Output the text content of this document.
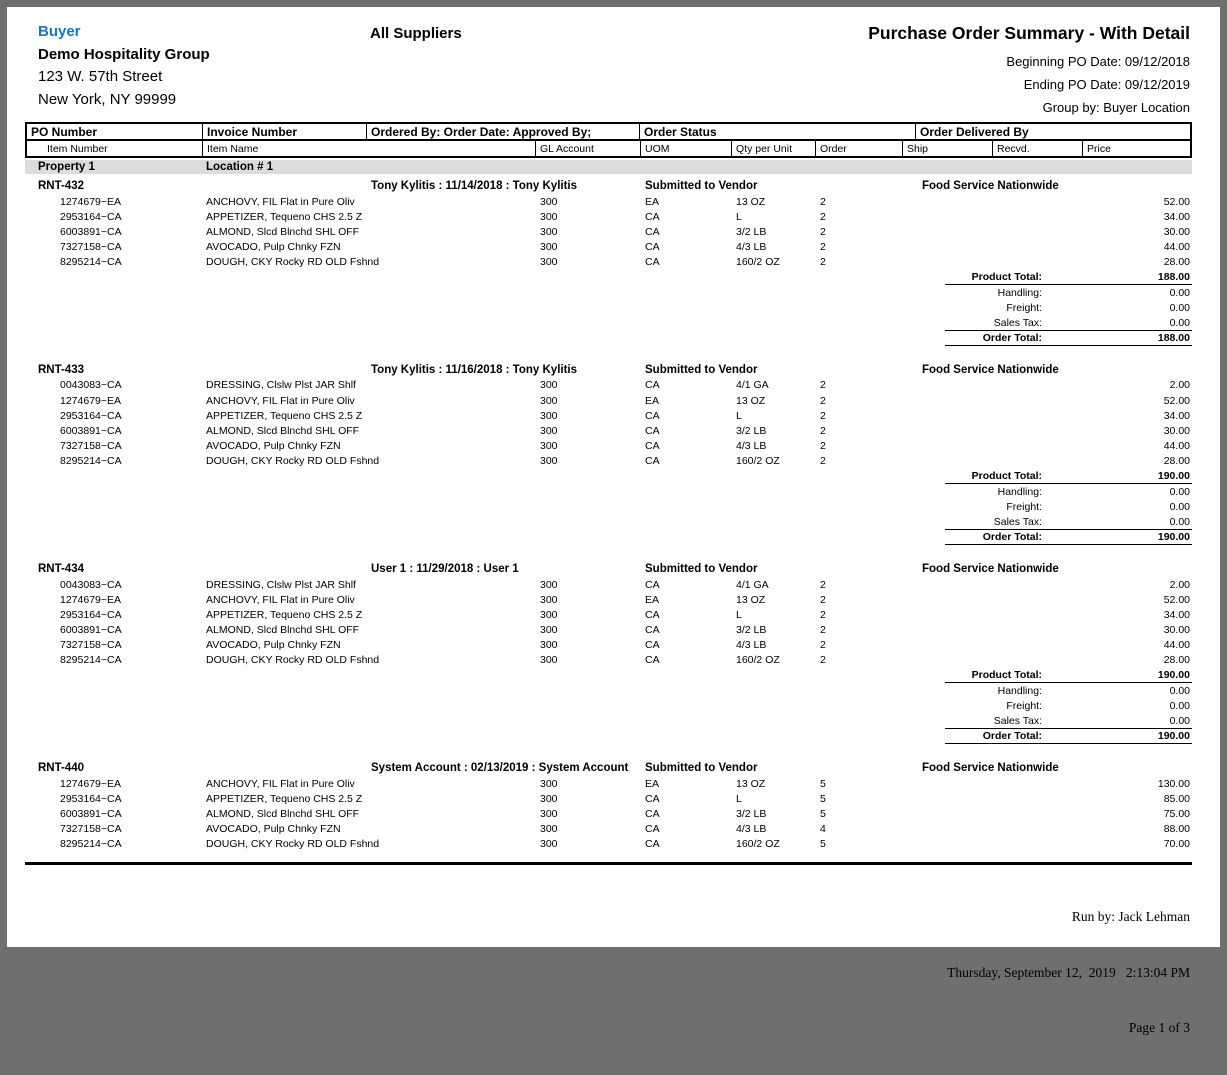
Buyer
Demo Hospitality Group
123 W. 57th Street
New York, NY 99999
All Suppliers	Purchase Order Summary - With Detail
Beginning PO Date: 09/12/2018
Ending PO Date: 09/12/2019
Group by: Buyer Location
PO Number	Invoice Number	Ordered By: Order Date: Approved By;	Order Status	Order Delivered By
Item Number	Item Name	GL Account	UOM	Qty per Unit	Order	Ship	Recvd.	Price
Property 1	Location # 1
RNT-432	Tony Kylitis : 11/14/2018 : Tony Kylitis	Submitted to Vendor	Food Service Nationwide
1274679~EA	ANCHOVY, FIL Flat in Pure Oliv	300	EA	13 OZ	2	52.00
2953164~CA	APPETIZER, Tequeno CHS 2.5 Z	300	CA	L	2	34.00
6003891~CA	ALMOND, Slcd Blnchd SHL OFF	300	CA	3/2 LB	2	30.00
7327158~CA	AVOCADO, Pulp Chnky FZN	300	CA	4/3 LB	2	44.00
8295214~CA	DOUGH, CKY Rocky RD OLD Fshnd	300	CA	160/2 OZ	2	28.00
Product Total:	188.00
Handling:	0.00
Freight:	0.00
Sales Tax:	0.00
Order Total:	188.00
RNT-433	Tony Kylitis : 11/16/2018 : Tony Kylitis	Submitted to Vendor	Food Service Nationwide
0043083~CA	DRESSING, Clslw Plst JAR Shlf	300	CA	4/1 GA	2	2.00
1274679~EA	ANCHOVY, FIL Flat in Pure Oliv	300	EA	13 OZ	2	52.00
2953164~CA	APPETIZER, Tequeno CHS 2.5 Z	300	CA	L	2	34.00
6003891~CA	ALMOND, Slcd Blnchd SHL OFF	300	CA	3/2 LB	2	30.00
7327158~CA	AVOCADO, Pulp Chnky FZN	300	CA	4/3 LB	2	44.00
8295214~CA	DOUGH, CKY Rocky RD OLD Fshnd	300	CA	160/2 OZ	2	28.00
Product Total:	190.00
Handling:	0.00
Freight:	0.00
Sales Tax:	0.00
Order Total:	190.00
RNT-434	User 1 : 11/29/2018 : User 1	Submitted to Vendor	Food Service Nationwide
0043083~CA	DRESSING, Clslw Plst JAR Shlf	300	CA	4/1 GA	2	2.00
1274679~EA	ANCHOVY, FIL Flat in Pure Oliv	300	EA	13 OZ	2	52.00
2953164~CA	APPETIZER, Tequeno CHS 2.5 Z	300	CA	L	2	34.00
6003891~CA	ALMOND, Slcd Blnchd SHL OFF	300	CA	3/2 LB	2	30.00
7327158~CA	AVOCADO, Pulp Chnky FZN	300	CA	4/3 LB	2	44.00
8295214~CA	DOUGH, CKY Rocky RD OLD Fshnd	300	CA	160/2 OZ	2	28.00
Product Total:	190.00
Handling:	0.00
Freight:	0.00
Sales Tax:	0.00
Order Total:	190.00
RNT-440	System Account : 02/13/2019 : System Account	Submitted to Vendor	Food Service Nationwide
1274679~EA	ANCHOVY, FIL Flat in Pure Oliv	300	EA	13 OZ	5	130.00
2953164~CA	APPETIZER, Tequeno CHS 2.5 Z	300	CA	L	5	85.00
6003891~CA	ALMOND, Slcd Blnchd SHL OFF	300	CA	3/2 LB	5	75.00
7327158~CA	AVOCADO, Pulp Chnky FZN	300	CA	4/3 LB	4	88.00
8295214~CA	DOUGH, CKY Rocky RD OLD Fshnd	300	CA	160/2 OZ	5	70.00

Run by: Jack Lehman

Thursday, September 12,  2019   2:13:04 PM

Page 1 of 3
